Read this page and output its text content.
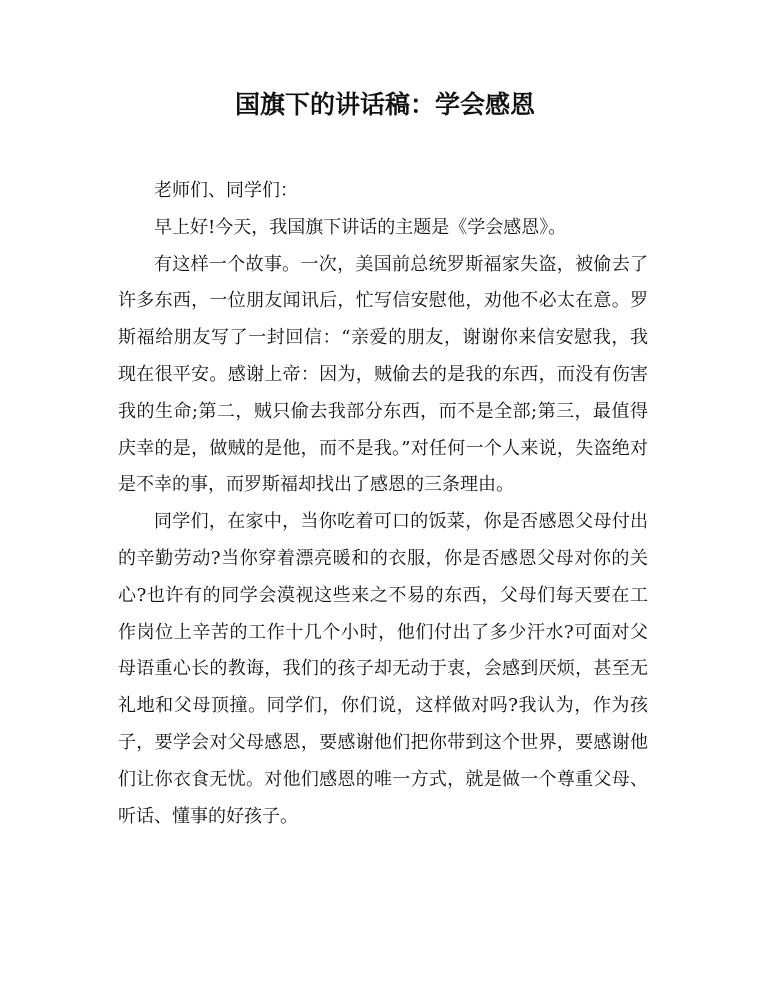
国旗下的讲话稿：学会感恩

老师们、同学们：

早上好!今天，我国旗下讲话的主题是《学会感恩》。

有这样一个故事。一次，美国前总统罗斯福家失盗，被偷去了许多东西，一位朋友闻讯后，忙写信安慰他，劝他不必太在意。罗斯福给朋友写了一封回信：“亲爱的朋友，谢谢你来信安慰我，我现在很平安。感谢上帝：因为，贼偷去的是我的东西，而没有伤害我的生命;第二，贼只偷去我部分东西，而不是全部;第三，最值得庆幸的是，做贼的是他，而不是我。”对任何一个人来说，失盗绝对是不幸的事，而罗斯福却找出了感恩的三条理由。

同学们，在家中，当你吃着可口的饭菜，你是否感恩父母付出的辛勤劳动?当你穿着漂亮暖和的衣服，你是否感恩父母对你的关心?也许有的同学会漠视这些来之不易的东西，父母们每天要在工作岗位上辛苦的工作十几个小时，他们付出了多少汗水?可面对父母语重心长的教诲，我们的孩子却无动于衷，会感到厌烦，甚至无礼地和父母顶撞。同学们，你们说，这样做对吗?我认为，作为孩子，要学会对父母感恩，要感谢他们把你带到这个世界，要感谢他们让你衣食无忧。对他们感恩的唯一方式，就是做一个尊重父母、听话、懂事的好孩子。
